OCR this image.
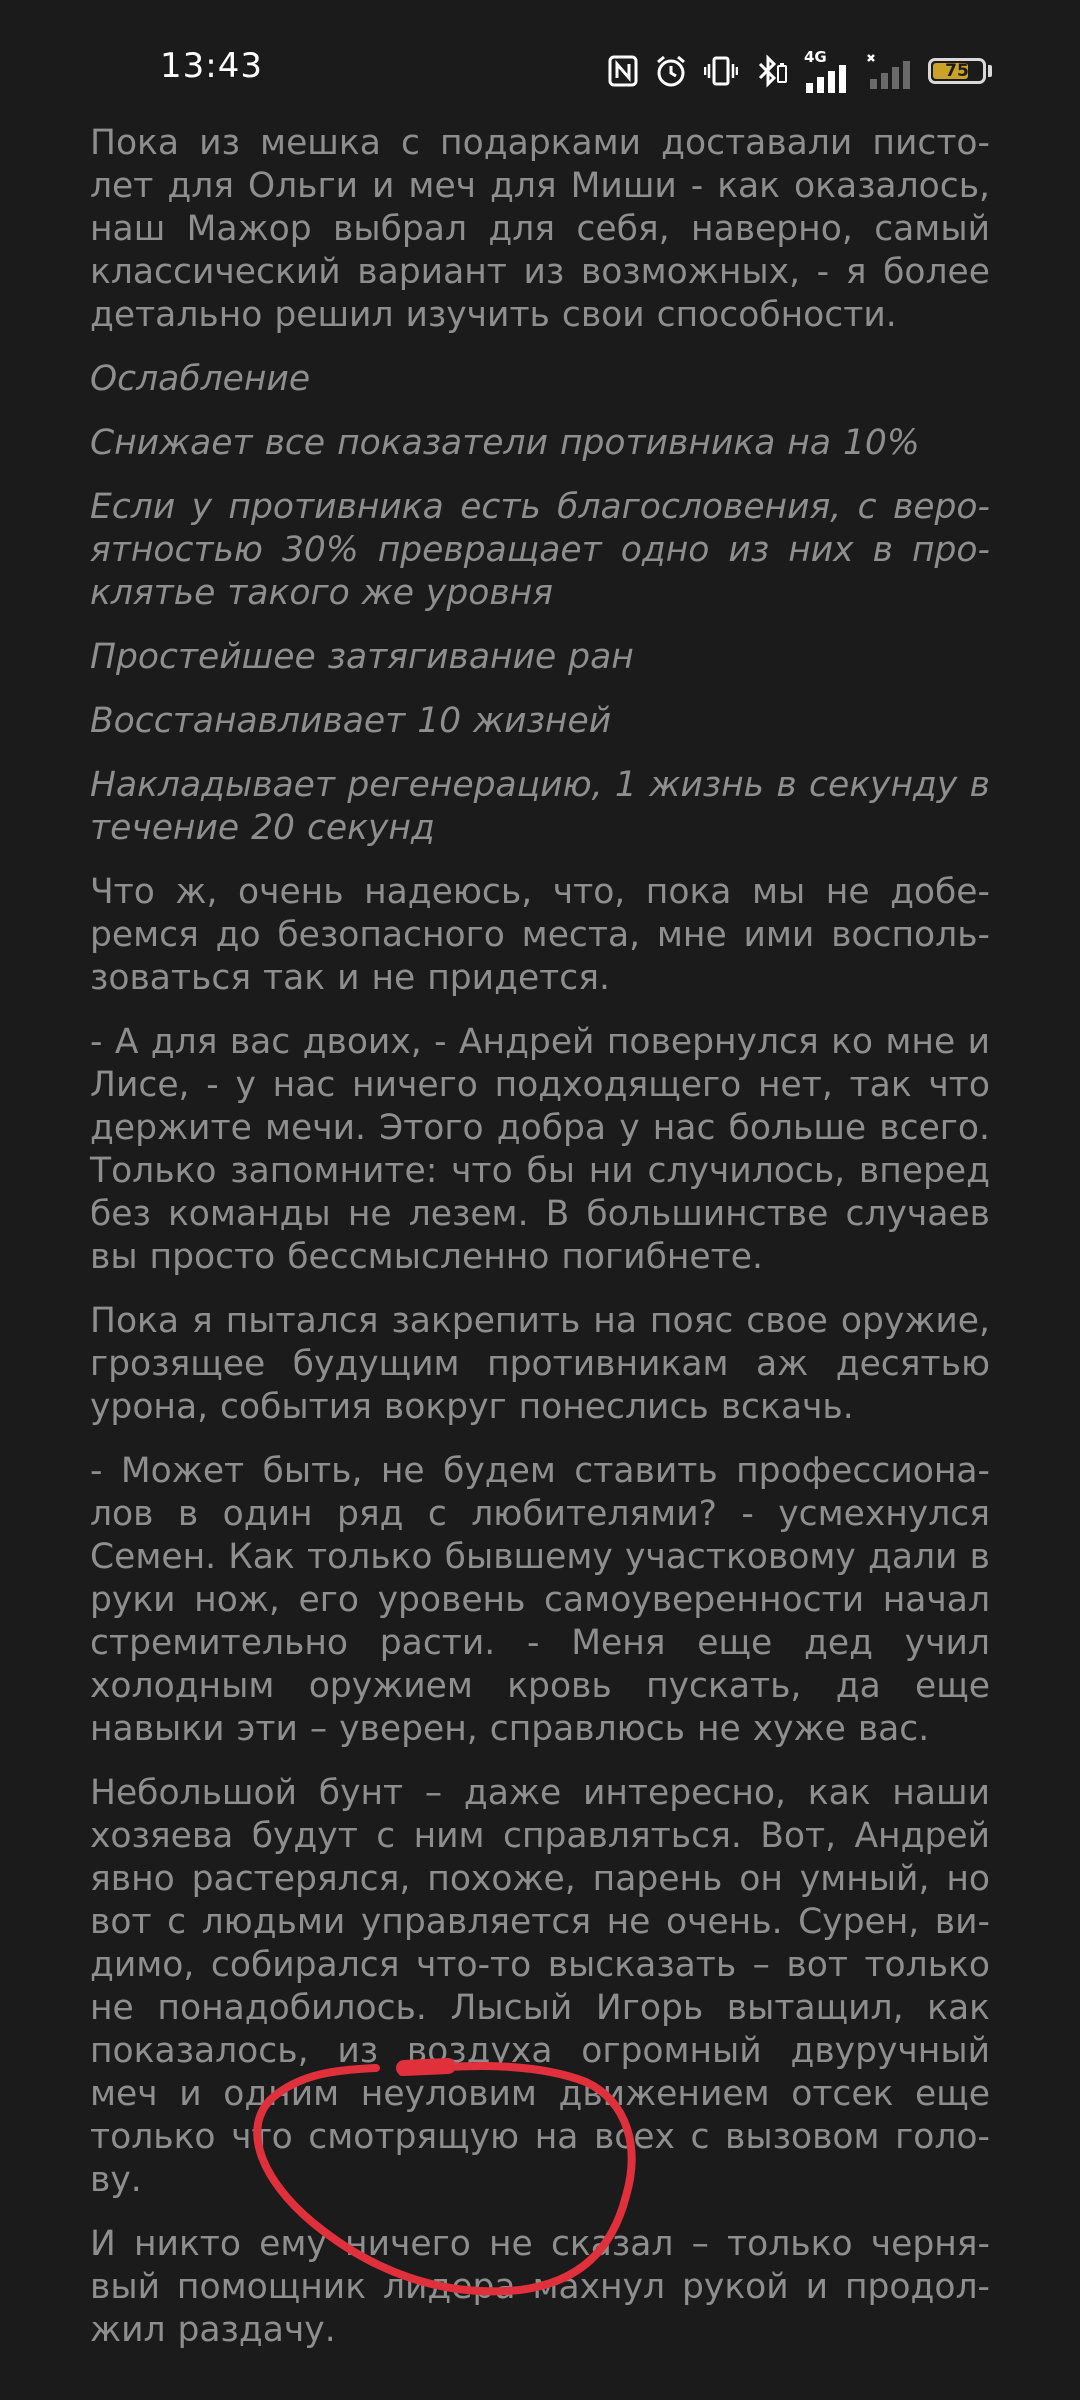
13:43	4G
75

Пока из мешка с подарками доставали пистолет для Ольги и меч для Миши - как оказалось, наш Мажор выбрал для себя, наверно, самый классический вариант из возможных, - я более детально решил изучить свои способности.

Ослабление

Снижает все показатели противника на 10%

Если у противника есть благословения, с вероятностью 30% превращает одно из них в проклятье такого же уровня

Простейшее затягивание ран

Восстанавливает 10 жизней

Накладывает регенерацию, 1 жизнь в секунду в течение 20 секунд

Что ж, очень надеюсь, что, пока мы не доберемся до безопасного места, мне ими воспользоваться так и не придется.

- А для вас двоих, - Андрей повернулся ко мне и Лисе, - у нас ничего подходящего нет, так что держите мечи. Этого добра у нас больше всего. Только запомните: что бы ни случилось, вперед без команды не лезем. В большинстве случаев вы просто бессмысленно погибнете.

Пока я пытался закрепить на пояс свое оружие, грозящее будущим противникам аж десятью урона, события вокруг понеслись вскачь.

- Может быть, не будем ставить профессионалов в один ряд с любителями? - усмехнулся Семен. Как только бывшему участковому дали в руки нож, его уровень самоуверенности начал стремительно расти. - Меня еще дед учил холодным оружием кровь пускать, да еще навыки эти – уверен, справлюсь не хуже вас.

Небольшой бунт – даже интересно, как наши хозяева будут с ним справляться. Вот, Андрей явно растерялся, похоже, парень он умный, но вот с людьми управляется не очень. Сурен, видимо, собирался что-то высказать – вот только не понадобилось. Лысый Игорь вытащил, как показалось, из воздуха огромный двуручный меч и одним неуловим движением отсек еще только что смотрящую на всех с вызовом голову.

И никто ему ничего не сказал – только чернявый помощник лидера махнул рукой и продолжил раздачу.
